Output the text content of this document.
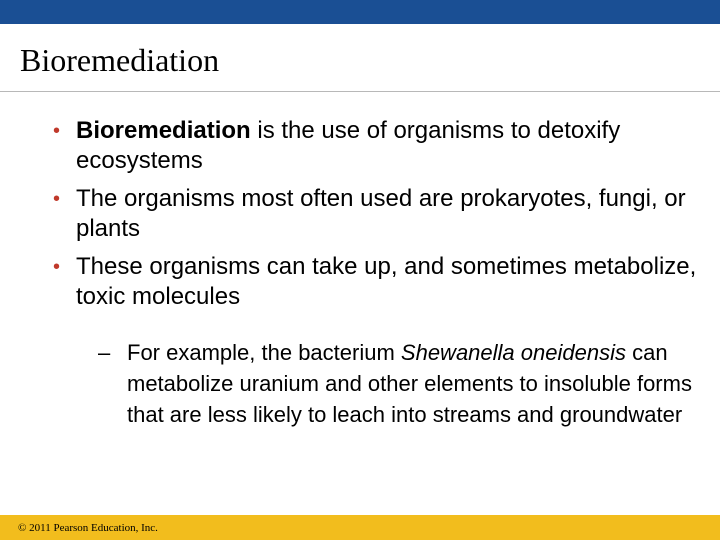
Bioremediation
• Bioremediation is the use of organisms to detoxify ecosystems
• The organisms most often used are prokaryotes, fungi, or plants
• These organisms can take up, and sometimes metabolize, toxic molecules

– For example, the bacterium Shewanella oneidensis can metabolize uranium and other elements to insoluble forms that are less likely to leach into streams and groundwater

© 2011 Pearson Education, Inc.
